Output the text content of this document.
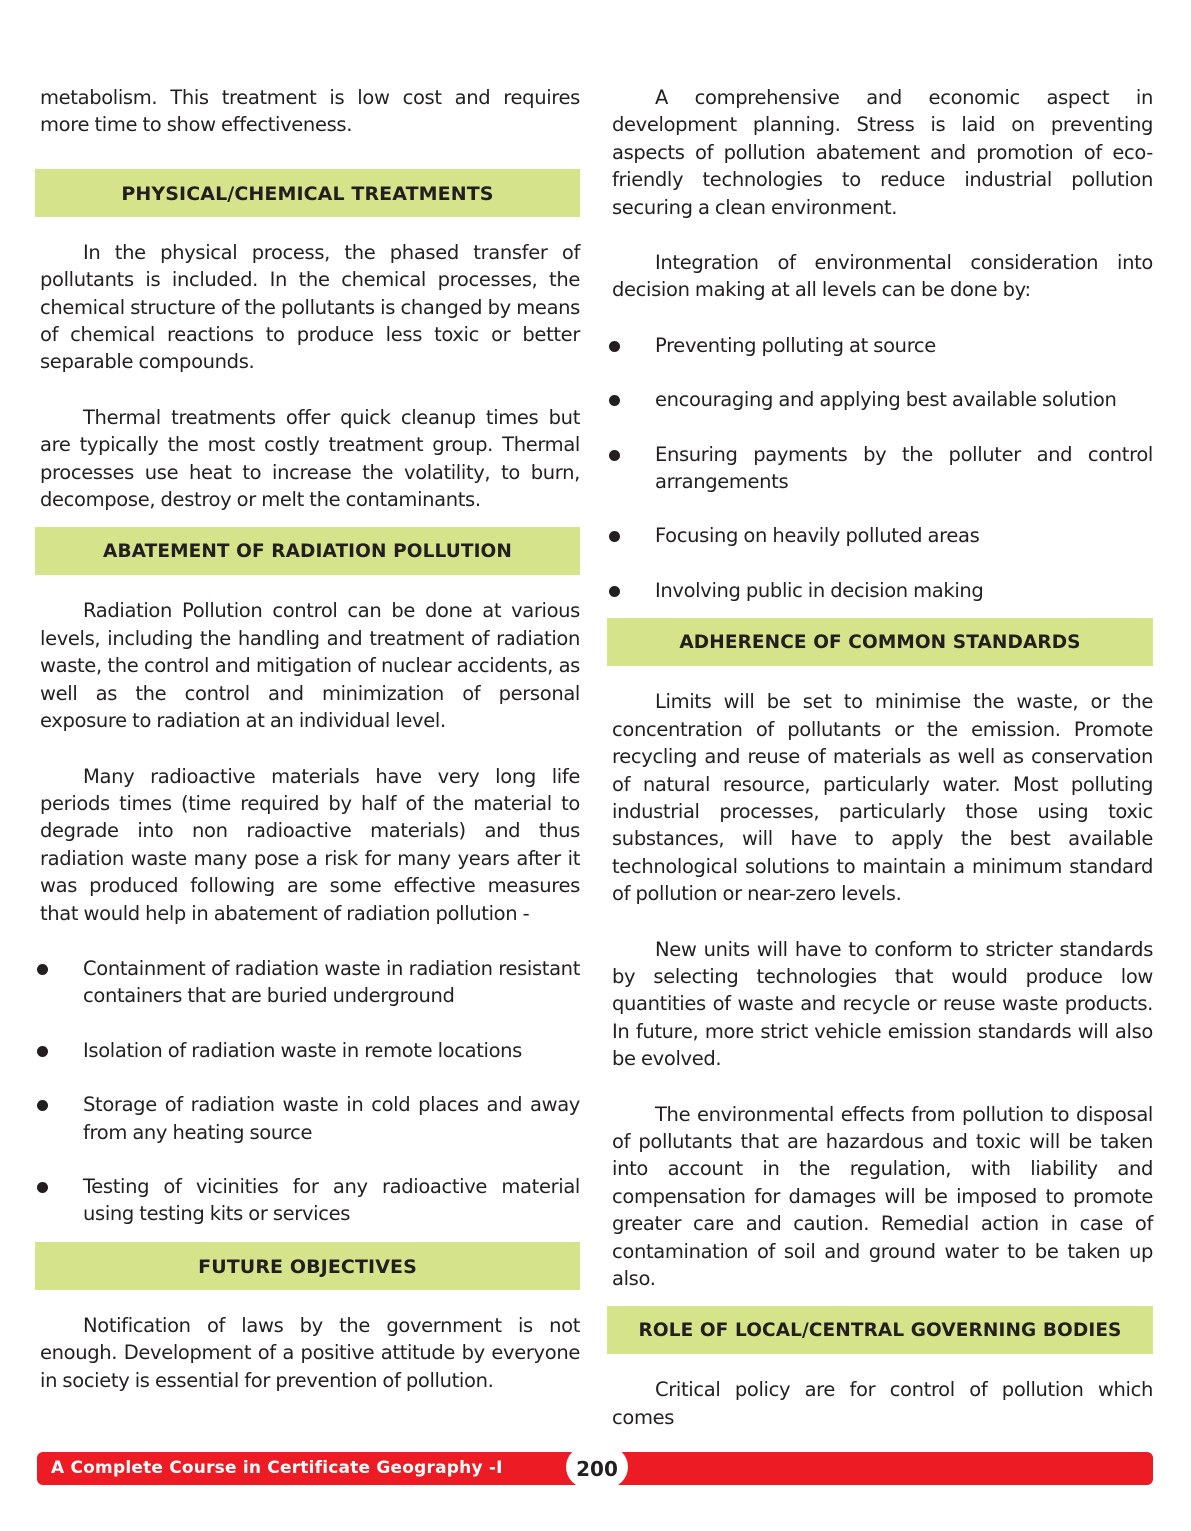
metabolism. This treatment is low cost and requires more time to show effectiveness.

PHYSICAL/CHEMICAL TREATMENTS

In the physical process, the phased transfer of pollutants is included. In the chemical processes, the chemical structure of the pollutants is changed by means of chemical reactions to produce less toxic or better separable compounds.

Thermal treatments offer quick cleanup times but are typically the most costly treatment group. Thermal processes use heat to increase the volatility, to burn, decompose, destroy or melt the contaminants.

ABATEMENT OF RADIATION POLLUTION

Radiation Pollution control can be done at various levels, including the handling and treatment of radiation waste, the control and mitigation of nuclear accidents, as well as the control and minimization of personal exposure to radiation at an individual level.

Many radioactive materials have very long life periods times (time required by half of the material to degrade into non radioactive materials) and thus radiation waste many pose a risk for many years after it was produced following are some effective measures that would help in abatement of radiation pollution -

Containment of radiation waste in radiation resistant containers that are buried underground
Isolation of radiation waste in remote locations
Storage of radiation waste in cold places and away from any heating source
Testing of vicinities for any radioactive material using testing kits or services
FUTURE OBJECTIVES

Notification of laws by the government is not enough. Development of a positive attitude by everyone in society is essential for prevention of pollution.

A comprehensive and economic aspect in development planning. Stress is laid on preventing aspects of pollution abatement and promotion of eco-friendly technologies to reduce industrial pollution securing a clean environment.

Integration of environmental consideration into decision making at all levels can be done by:

Preventing polluting at source
encouraging and applying best available solution
Ensuring payments by the polluter and control arrangements
Focusing on heavily polluted areas
Involving public in decision making
ADHERENCE OF COMMON STANDARDS

Limits will be set to minimise the waste, or the concentration of pollutants or the emission. Promote recycling and reuse of materials as well as conservation of natural resource, particularly water. Most polluting industrial processes, particularly those using toxic substances, will have to apply the best available technological solutions to maintain a minimum standard of pollution or near-zero levels.

New units will have to conform to stricter standards by selecting technologies that would produce low quantities of waste and recycle or reuse waste products. In future, more strict vehicle emission standards will also be evolved.

The environmental effects from pollution to disposal of pollutants that are hazardous and toxic will be taken into account in the regulation, with liability and compensation for damages will be imposed to promote greater care and caution. Remedial action in case of contamination of soil and ground water to be taken up also.

ROLE OF LOCAL/CENTRAL GOVERNING BODIES

Critical policy are for control of pollution which comes

A Complete Course in Certificate Geography -I	200
